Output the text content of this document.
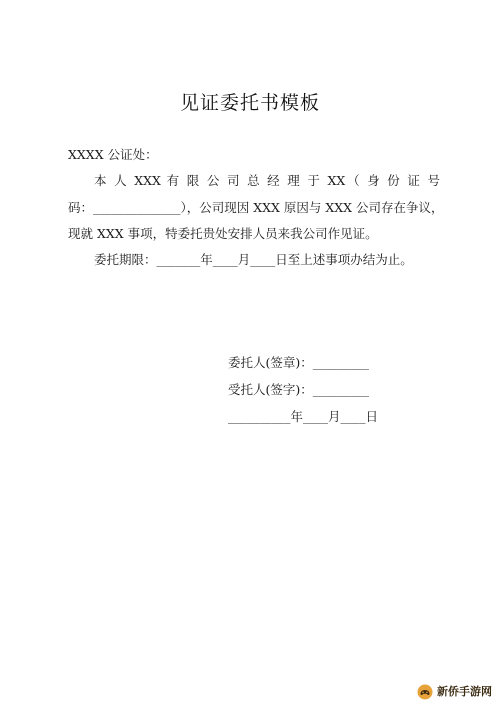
见证委托书模板
XXXX 公证处：
本 人 XXX 有 限 公 司 总 经 理 于 XX（ 身 份 证 号
码：______________），公司现因 XXX 原因与 XXX 公司存在争议，
现就 XXX 事项，特委托贵处安排人员来我公司作见证。
委托期限：_______年____月____日至上述事项办结为止。
委托人(签章)：_________
受托人(签字)：_________
__________年____月____日
新侨手游网
